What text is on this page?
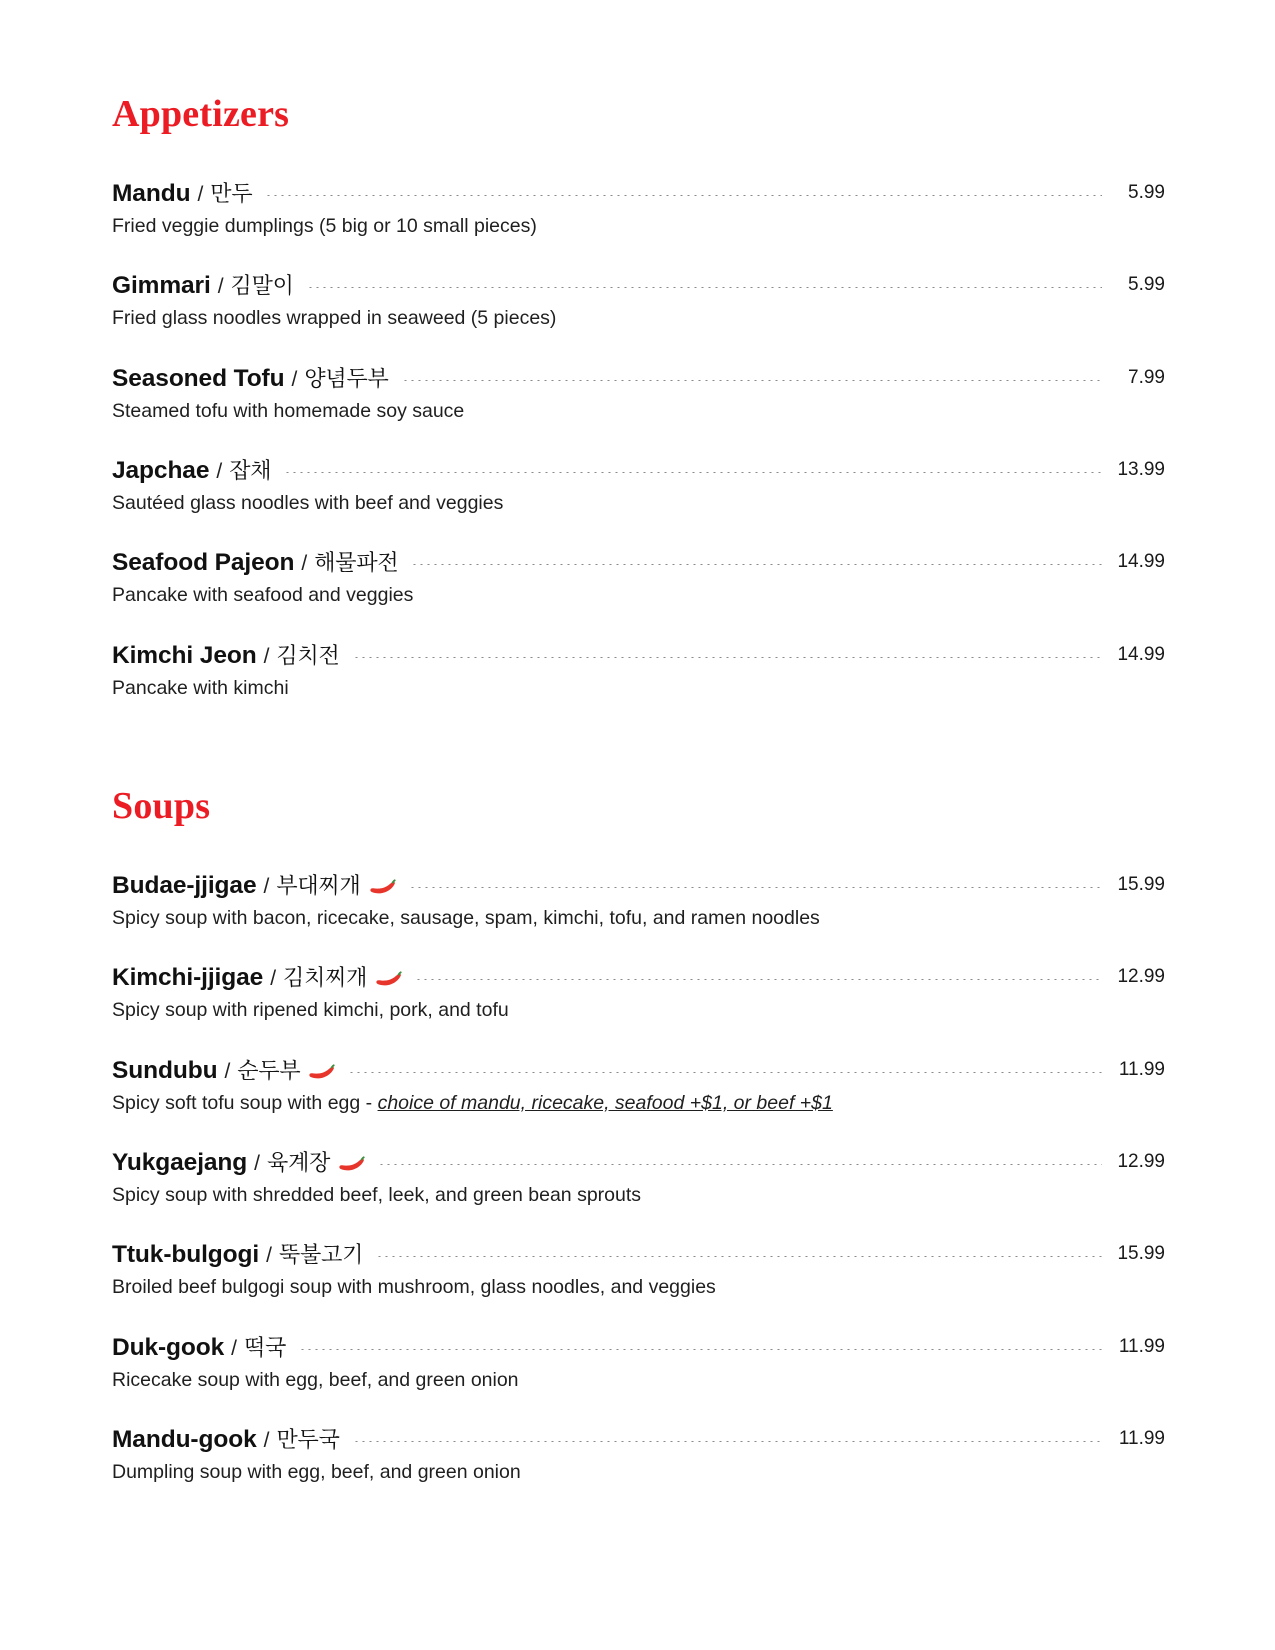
Appetizers
Mandu / 만두	5.99
Fried veggie dumplings (5 big or 10 small pieces)
Gimmari / 김말이	5.99
Fried glass noodles wrapped in seaweed (5 pieces)
Seasoned Tofu / 양념두부	7.99
Steamed tofu with homemade soy sauce
Japchae / 잡채	13.99
Sautéed glass noodles with beef and veggies
Seafood Pajeon / 해물파전	14.99
Pancake with seafood and veggies
Kimchi Jeon / 김치전	14.99
Pancake with kimchi
Soups
Budae-jjigae / 부대찌개	15.99
Spicy soup with bacon, ricecake, sausage, spam, kimchi, tofu, and ramen noodles
Kimchi-jjigae / 김치찌개	12.99
Spicy soup with ripened kimchi, pork, and tofu
Sundubu / 순두부	11.99
Spicy soft tofu soup with egg - choice of mandu, ricecake, seafood +$1, or beef +$1
Yukgaejang / 육계장	12.99
Spicy soup with shredded beef, leek, and green bean sprouts
Ttuk-bulgogi / 뚝불고기	15.99
Broiled beef bulgogi soup with mushroom, glass noodles, and veggies
Duk-gook / 떡국	11.99
Ricecake soup with egg, beef, and green onion
Mandu-gook / 만두국	11.99
Dumpling soup with egg, beef, and green onion
